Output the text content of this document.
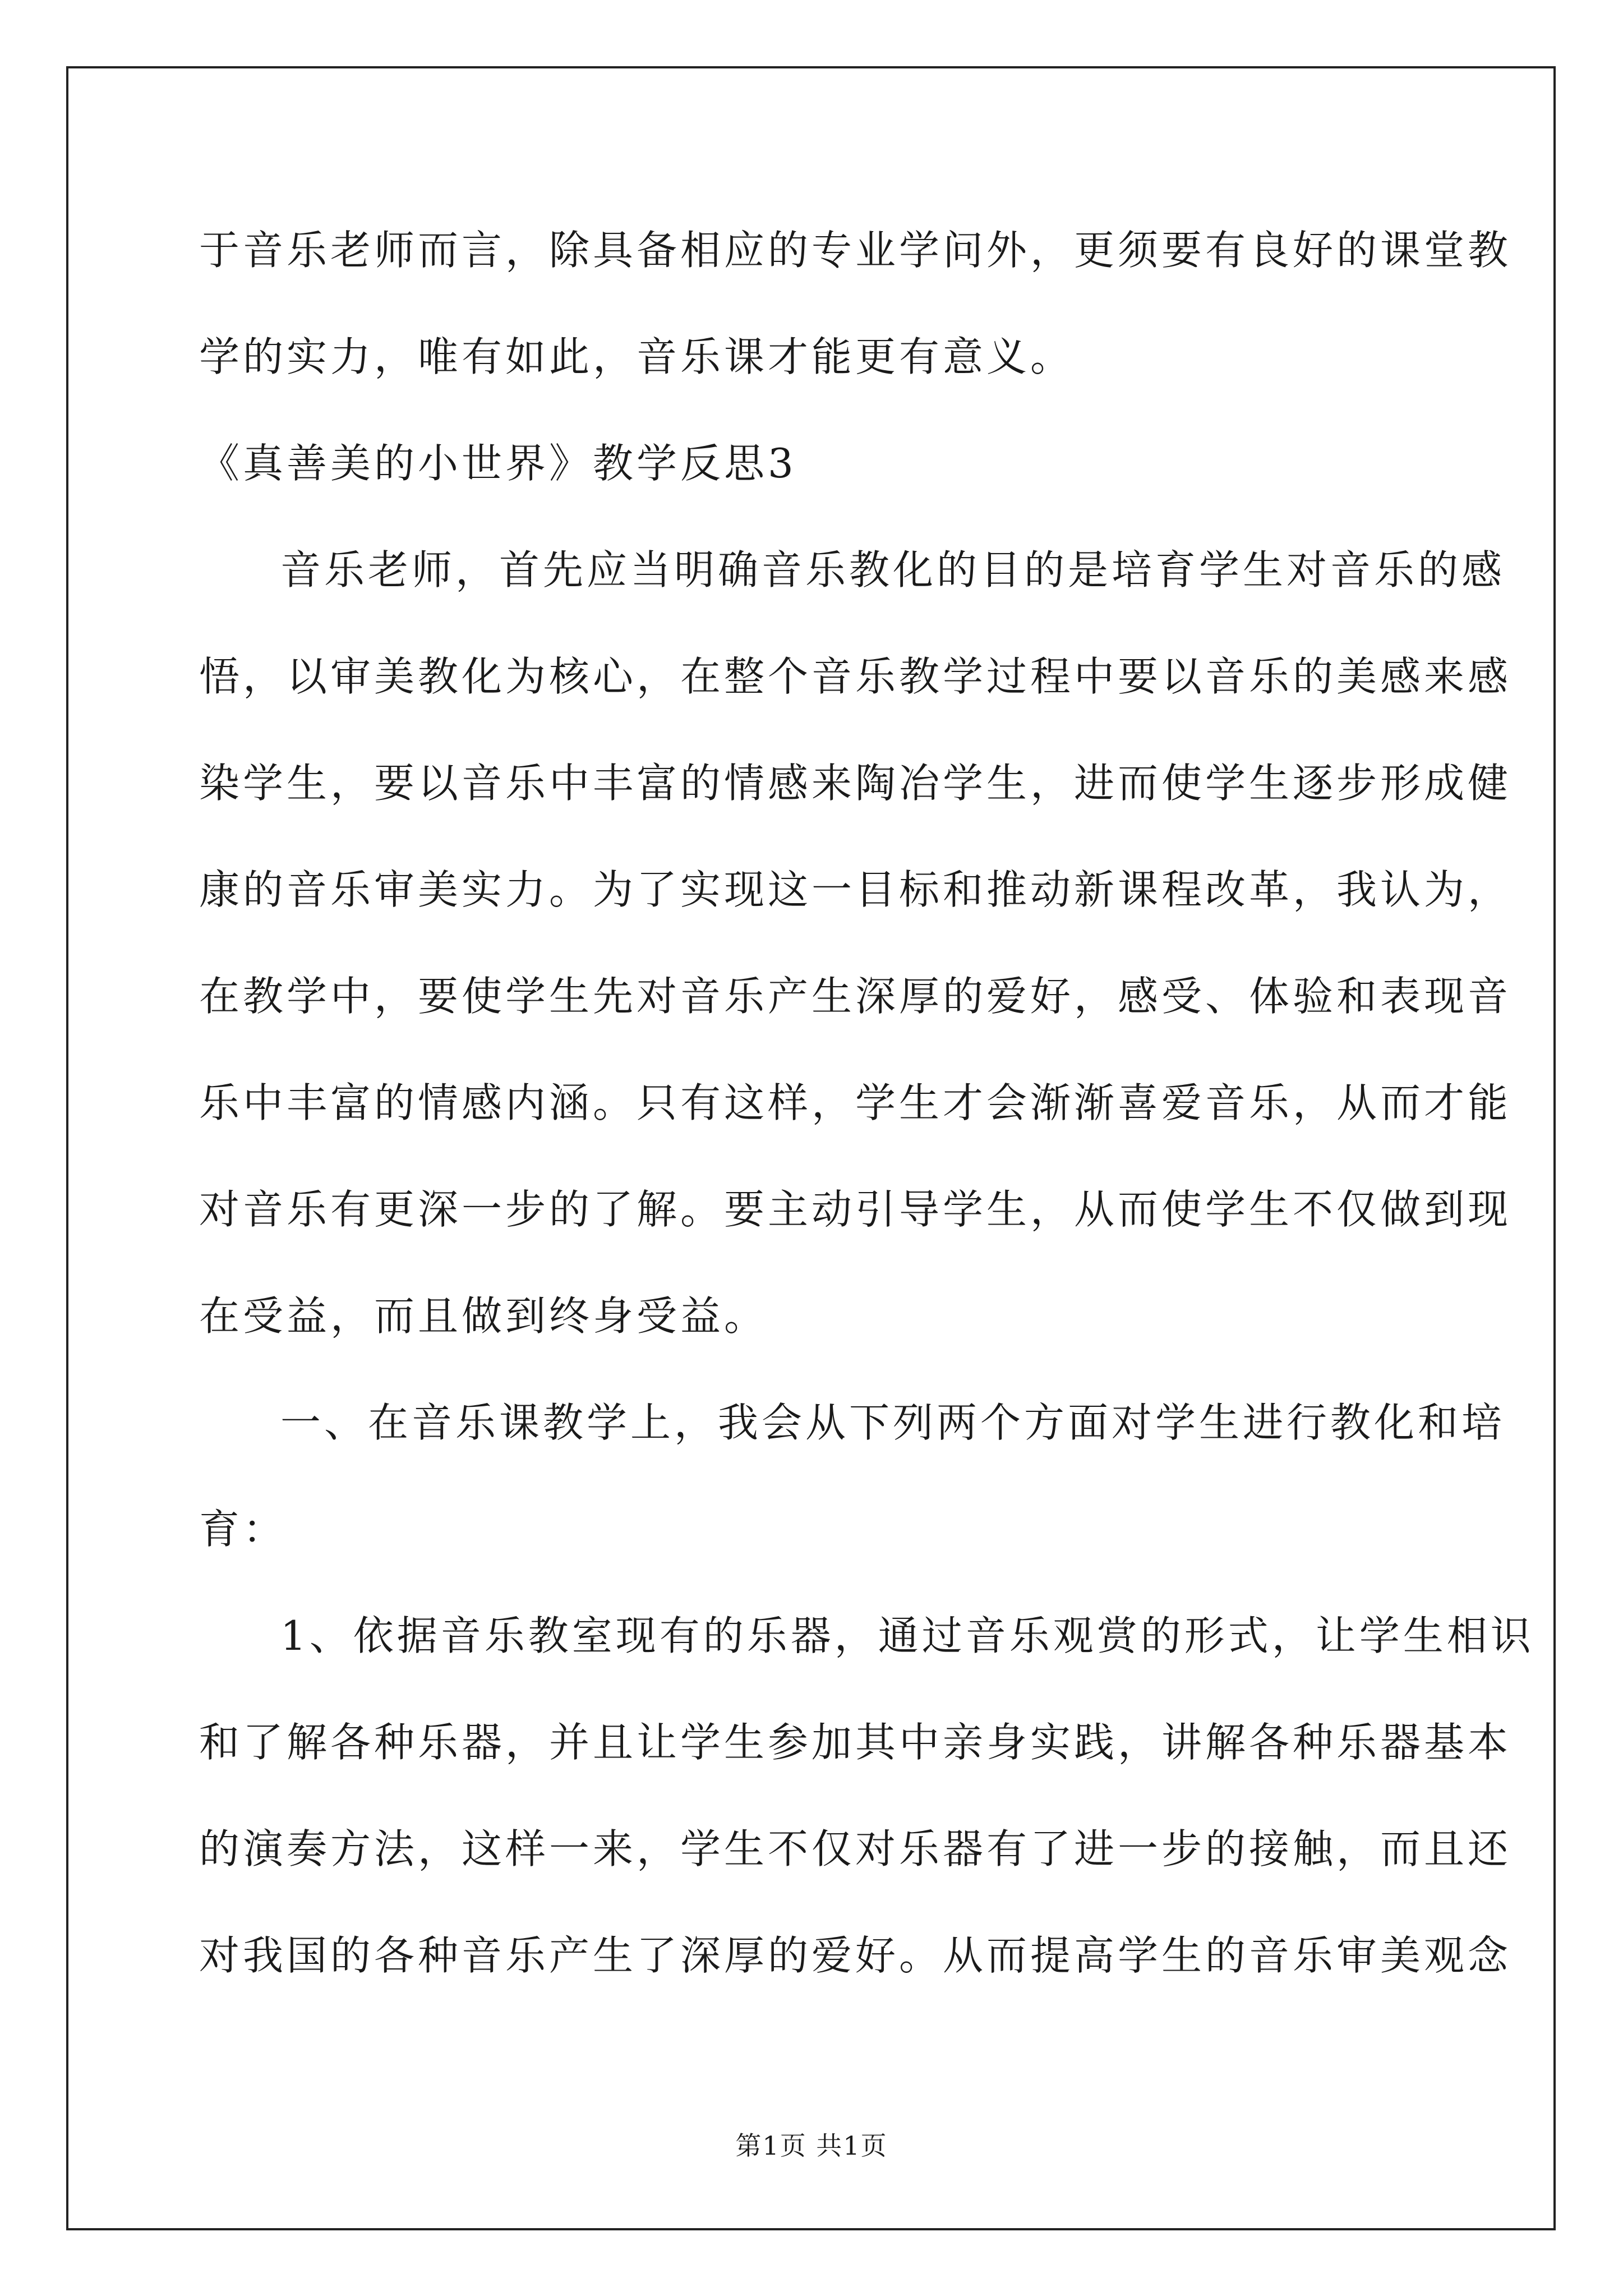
于音乐老师而言，除具备相应的专业学问外，更须要有良好的课堂教
学的实力，唯有如此，音乐课才能更有意义。
《真善美的小世界》教学反思3
音乐老师，首先应当明确音乐教化的目的是培育学生对音乐的感
悟，以审美教化为核心，在整个音乐教学过程中要以音乐的美感来感
染学生，要以音乐中丰富的情感来陶冶学生，进而使学生逐步形成健
康的音乐审美实力。为了实现这一目标和推动新课程改革，我认为，
在教学中，要使学生先对音乐产生深厚的爱好，感受、体验和表现音
乐中丰富的情感内涵。只有这样，学生才会渐渐喜爱音乐，从而才能
对音乐有更深一步的了解。要主动引导学生，从而使学生不仅做到现
在受益，而且做到终身受益。
一、在音乐课教学上，我会从下列两个方面对学生进行教化和培
育：
1、依据音乐教室现有的乐器，通过音乐观赏的形式，让学生相识
和了解各种乐器，并且让学生参加其中亲身实践，讲解各种乐器基本
的演奏方法，这样一来，学生不仅对乐器有了进一步的接触，而且还
对我国的各种音乐产生了深厚的爱好。从而提高学生的音乐审美观念
第1页 共1页
